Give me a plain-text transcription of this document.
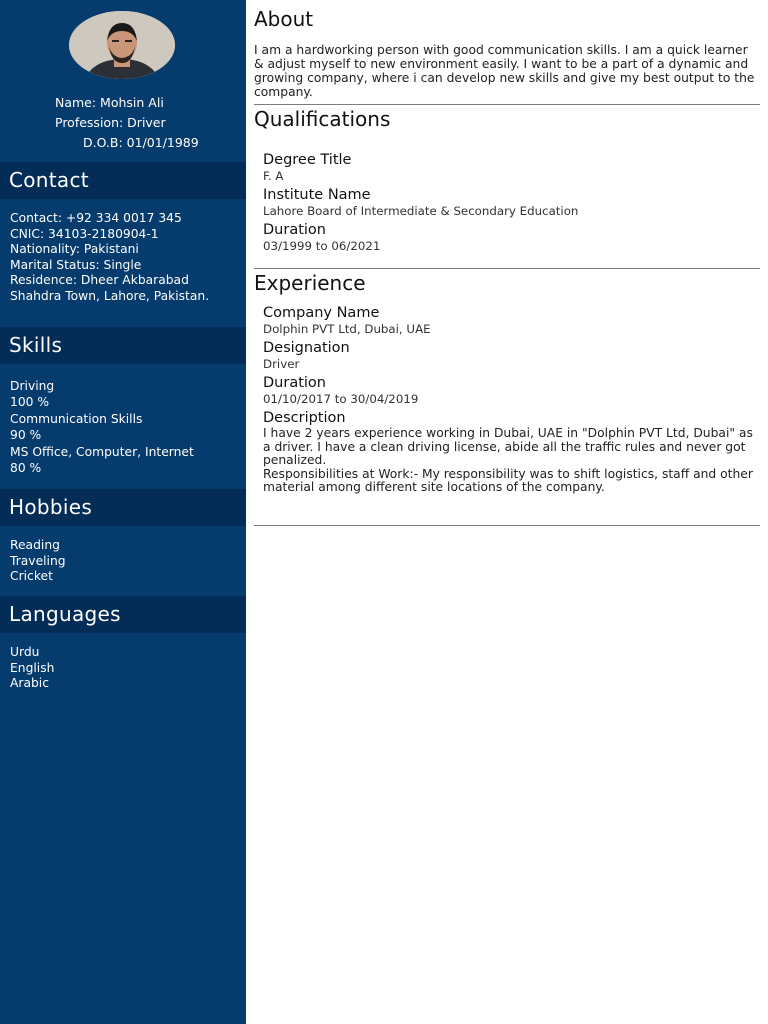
Name: Mohsin Ali
Profession: Driver
D.O.B: 01/01/1989
Contact
Contact: +92 334 0017 345
CNIC: 34103-2180904-1
Nationality: Pakistani
Marital Status: Single
Residence: Dheer Akbarabad Shahdra Town, Lahore, Pakistan.
Skills
Driving
100 %
Communication Skills
90 %
MS Office, Computer, Internet
80 %
Hobbies
Reading
Traveling
Cricket
Languages
Urdu
English
Arabic
About
I am a hardworking person with good communication skills. I am a quick learner & adjust myself to new environment easily. I want to be a part of a dynamic and growing company, where i can develop new skills and give my best output to the company.
Qualifications
Degree Title
F. A
Institute Name
Lahore Board of Intermediate & Secondary Education
Duration
03/1999 to 06/2021
Experience
Company Name
Dolphin PVT Ltd, Dubai, UAE
Designation
Driver
Duration
01/10/2017 to 30/04/2019
Description
I have 2 years experience working in Dubai, UAE in "Dolphin PVT Ltd, Dubai" as a driver. I have a clean driving license, abide all the traffic rules and never got penalized.
Responsibilities at Work:- My responsibility was to shift logistics, staff and other material among different site locations of the company.
